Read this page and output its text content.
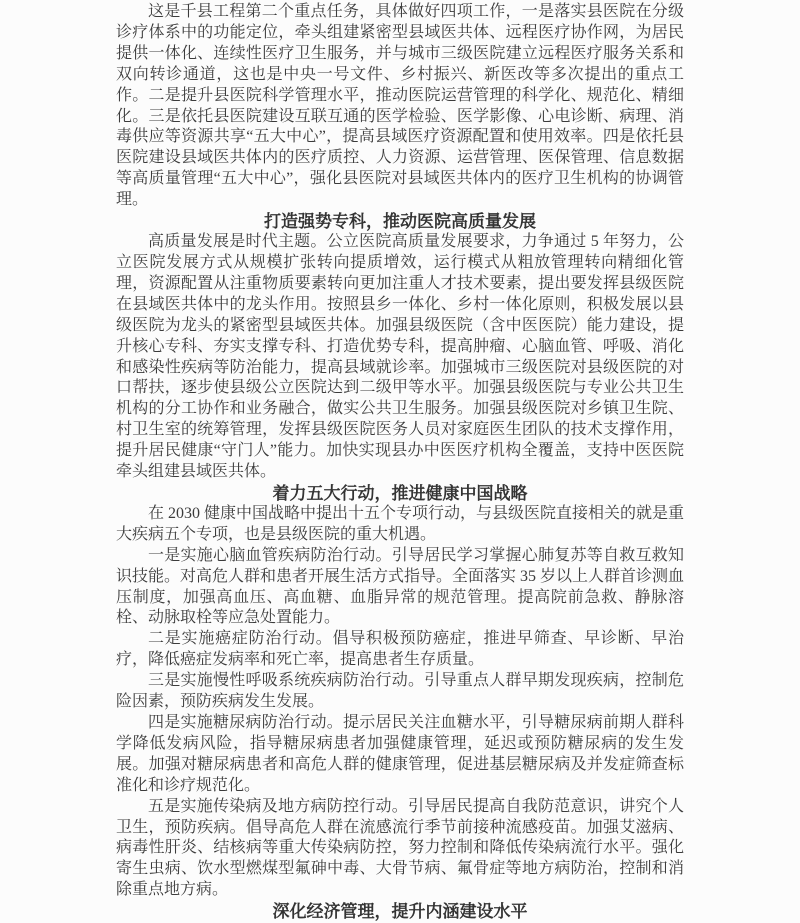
这是千县工程第二个重点任务，具体做好四项工作，一是落实县医院在分级诊疗体系中的功能定位，牵头组建紧密型县域医共体、远程医疗协作网，为居民提供一体化、连续性医疗卫生服务，并与城市三级医院建立远程医疗服务关系和双向转诊通道，这也是中央一号文件、乡村振兴、新医改等多次提出的重点工作。二是提升县医院科学管理水平，推动医院运营管理的科学化、规范化、精细化。三是依托县医院建设互联互通的医学检验、医学影像、心电诊断、病理、消毒供应等资源共享“五大中心”，提高县域医疗资源配置和使用效率。四是依托县医院建设县域医共体内的医疗质控、人力资源、运营管理、医保管理、信息数据等高质量管理“五大中心”，强化县医院对县域医共体内的医疗卫生机构的协调管理。

打造强势专科，推动医院高质量发展

高质量发展是时代主题。公立医院高质量发展要求，力争通过 5 年努力，公立医院发展方式从规模扩张转向提质增效，运行模式从粗放管理转向精细化管理，资源配置从注重物质要素转向更加注重人才技术要素，提出要发挥县级医院在县域医共体中的龙头作用。按照县乡一体化、乡村一体化原则，积极发展以县级医院为龙头的紧密型县域医共体。加强县级医院（含中医医院）能力建设，提升核心专科、夯实支撑专科、打造优势专科，提高肿瘤、心脑血管、呼吸、消化和感染性疾病等防治能力，提高县域就诊率。加强城市三级医院对县级医院的对口帮扶，逐步使县级公立医院达到二级甲等水平。加强县级医院与专业公共卫生机构的分工协作和业务融合，做实公共卫生服务。加强县级医院对乡镇卫生院、村卫生室的统筹管理，发挥县级医院医务人员对家庭医生团队的技术支撑作用，提升居民健康“守门人”能力。加快实现县办中医医疗机构全覆盖，支持中医医院牵头组建县域医共体。

着力五大行动，推进健康中国战略

在 2030 健康中国战略中提出十五个专项行动，与县级医院直接相关的就是重大疾病五个专项，也是县级医院的重大机遇。

一是实施心脑血管疾病防治行动。引导居民学习掌握心肺复苏等自救互救知识技能。对高危人群和患者开展生活方式指导。全面落实 35 岁以上人群首诊测血压制度，加强高血压、高血糖、血脂异常的规范管理。提高院前急救、静脉溶栓、动脉取栓等应急处置能力。

二是实施癌症防治行动。倡导积极预防癌症，推进早筛查、早诊断、早治疗，降低癌症发病率和死亡率，提高患者生存质量。

三是实施慢性呼吸系统疾病防治行动。引导重点人群早期发现疾病，控制危险因素，预防疾病发生发展。

四是实施糖尿病防治行动。提示居民关注血糖水平，引导糖尿病前期人群科学降低发病风险，指导糖尿病患者加强健康管理，延迟或预防糖尿病的发生发展。加强对糖尿病患者和高危人群的健康管理，促进基层糖尿病及并发症筛查标准化和诊疗规范化。

五是实施传染病及地方病防控行动。引导居民提高自我防范意识，讲究个人卫生，预防疾病。倡导高危人群在流感流行季节前接种流感疫苗。加强艾滋病、病毒性肝炎、结核病等重大传染病防控，努力控制和降低传染病流行水平。强化寄生虫病、饮水型燃煤型氟砷中毒、大骨节病、氟骨症等地方病防治，控制和消除重点地方病。

深化经济管理，提升内涵建设水平
